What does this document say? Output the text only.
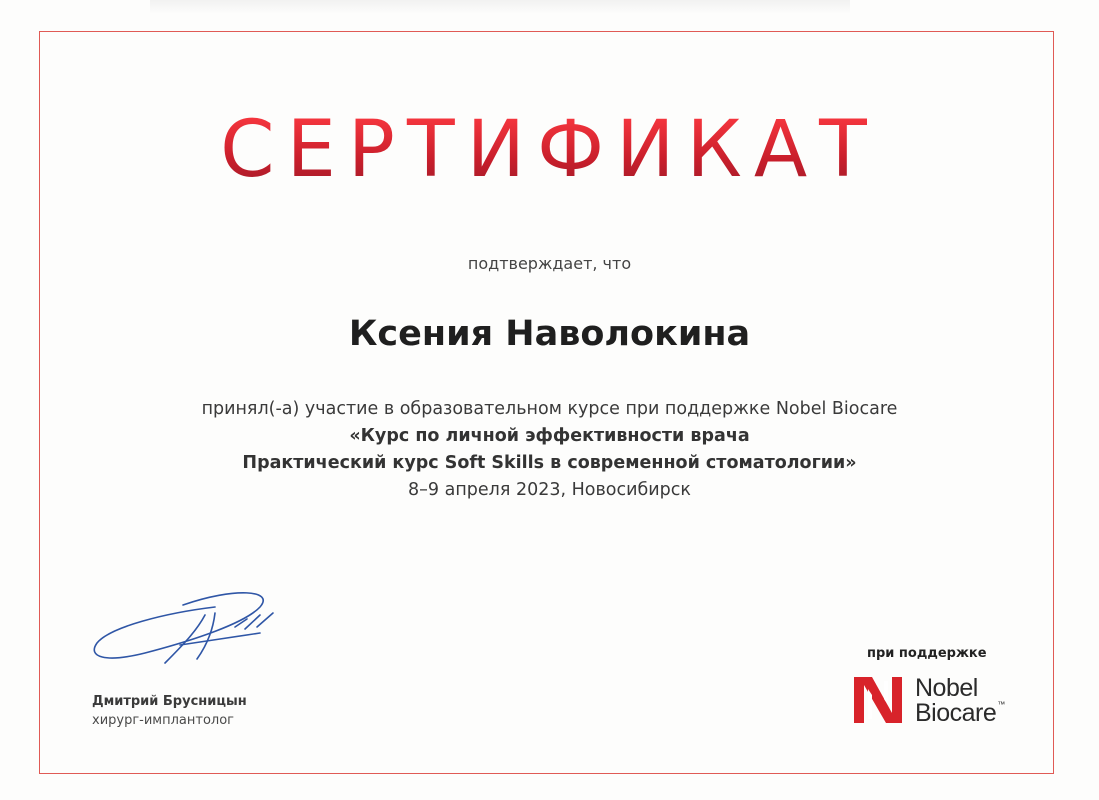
СЕРТИФИКАТ
подтверждает, что
Ксения Наволокина
принял(-а) участие в образовательном курсе при поддержке Nobel Biocare
«Курс по личной эффективности врача
Практический курс Soft Skills в современной стоматологии»
8–9 апреля 2023, Новосибирск
Дмитрий Брусницын
хирург-имплантолог
при поддержке
Nobel
Biocare™
